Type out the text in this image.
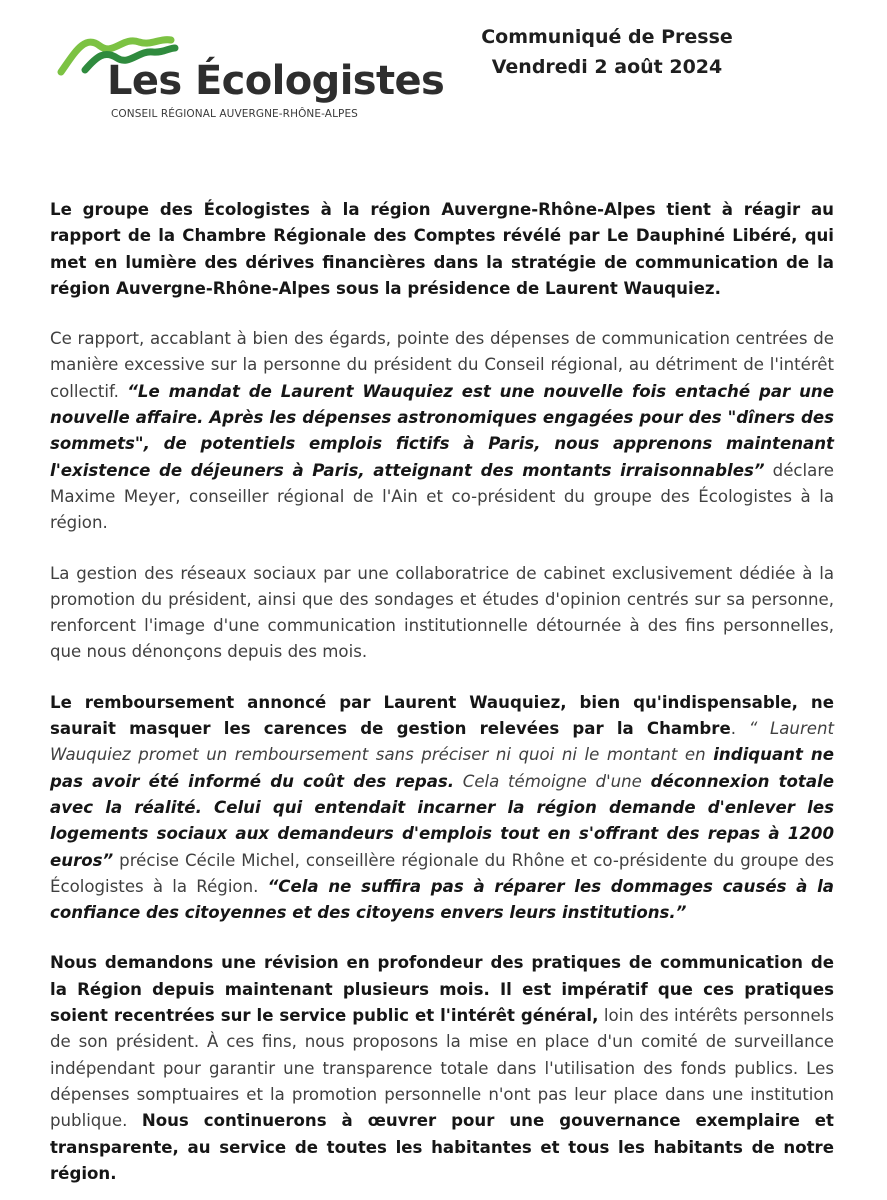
Les Écologistes
CONSEIL RÉGIONAL AUVERGNE-RHÔNE-ALPES
Communiqué de Presse
Vendredi 2 août 2024

Le groupe des Écologistes à la région Auvergne-Rhône-Alpes tient à réagir au rapport de la Chambre Régionale des Comptes révélé par Le Dauphiné Libéré, qui met en lumière des dérives financières dans la stratégie de communication de la région Auvergne-Rhône-Alpes sous la présidence de Laurent Wauquiez.

Ce rapport, accablant à bien des égards, pointe des dépenses de communication centrées de manière excessive sur la personne du président du Conseil régional, au détriment de l'intérêt collectif. “Le mandat de Laurent Wauquiez est une nouvelle fois entaché par une nouvelle affaire. Après les dépenses astronomiques engagées pour des "dîners des sommets", de potentiels emplois fictifs à Paris, nous apprenons maintenant l'existence de déjeuners à Paris, atteignant des montants irraisonnables” déclare Maxime Meyer, conseiller régional de l'Ain et co-président du groupe des Écologistes à la région.

La gestion des réseaux sociaux par une collaboratrice de cabinet exclusivement dédiée à la promotion du président, ainsi que des sondages et études d'opinion centrés sur sa personne, renforcent l'image d'une communication institutionnelle détournée à des fins personnelles, que nous dénonçons depuis des mois.

Le remboursement annoncé par Laurent Wauquiez, bien qu'indispensable, ne saurait masquer les carences de gestion relevées par la Chambre. “ Laurent Wauquiez promet un remboursement sans préciser ni quoi ni le montant en indiquant ne pas avoir été informé du coût des repas. Cela témoigne d'une déconnexion totale avec la réalité. Celui qui entendait incarner la région demande d'enlever les logements sociaux aux demandeurs d'emplois tout en s'offrant des repas à 1200 euros” précise Cécile Michel, conseillère régionale du Rhône et co-présidente du groupe des Écologistes à la Région. “Cela ne suffira pas à réparer les dommages causés à la confiance des citoyennes et des citoyens envers leurs institutions.”

Nous demandons une révision en profondeur des pratiques de communication de la Région depuis maintenant plusieurs mois. Il est impératif que ces pratiques soient recentrées sur le service public et l'intérêt général, loin des intérêts personnels de son président. À ces fins, nous proposons la mise en place d'un comité de surveillance indépendant pour garantir une transparence totale dans l'utilisation des fonds publics. Les dépenses somptuaires et la promotion personnelle n'ont pas leur place dans une institution publique. Nous continuerons à œuvrer pour une gouvernance exemplaire et transparente, au service de toutes les habitantes et tous les habitants de notre région.
